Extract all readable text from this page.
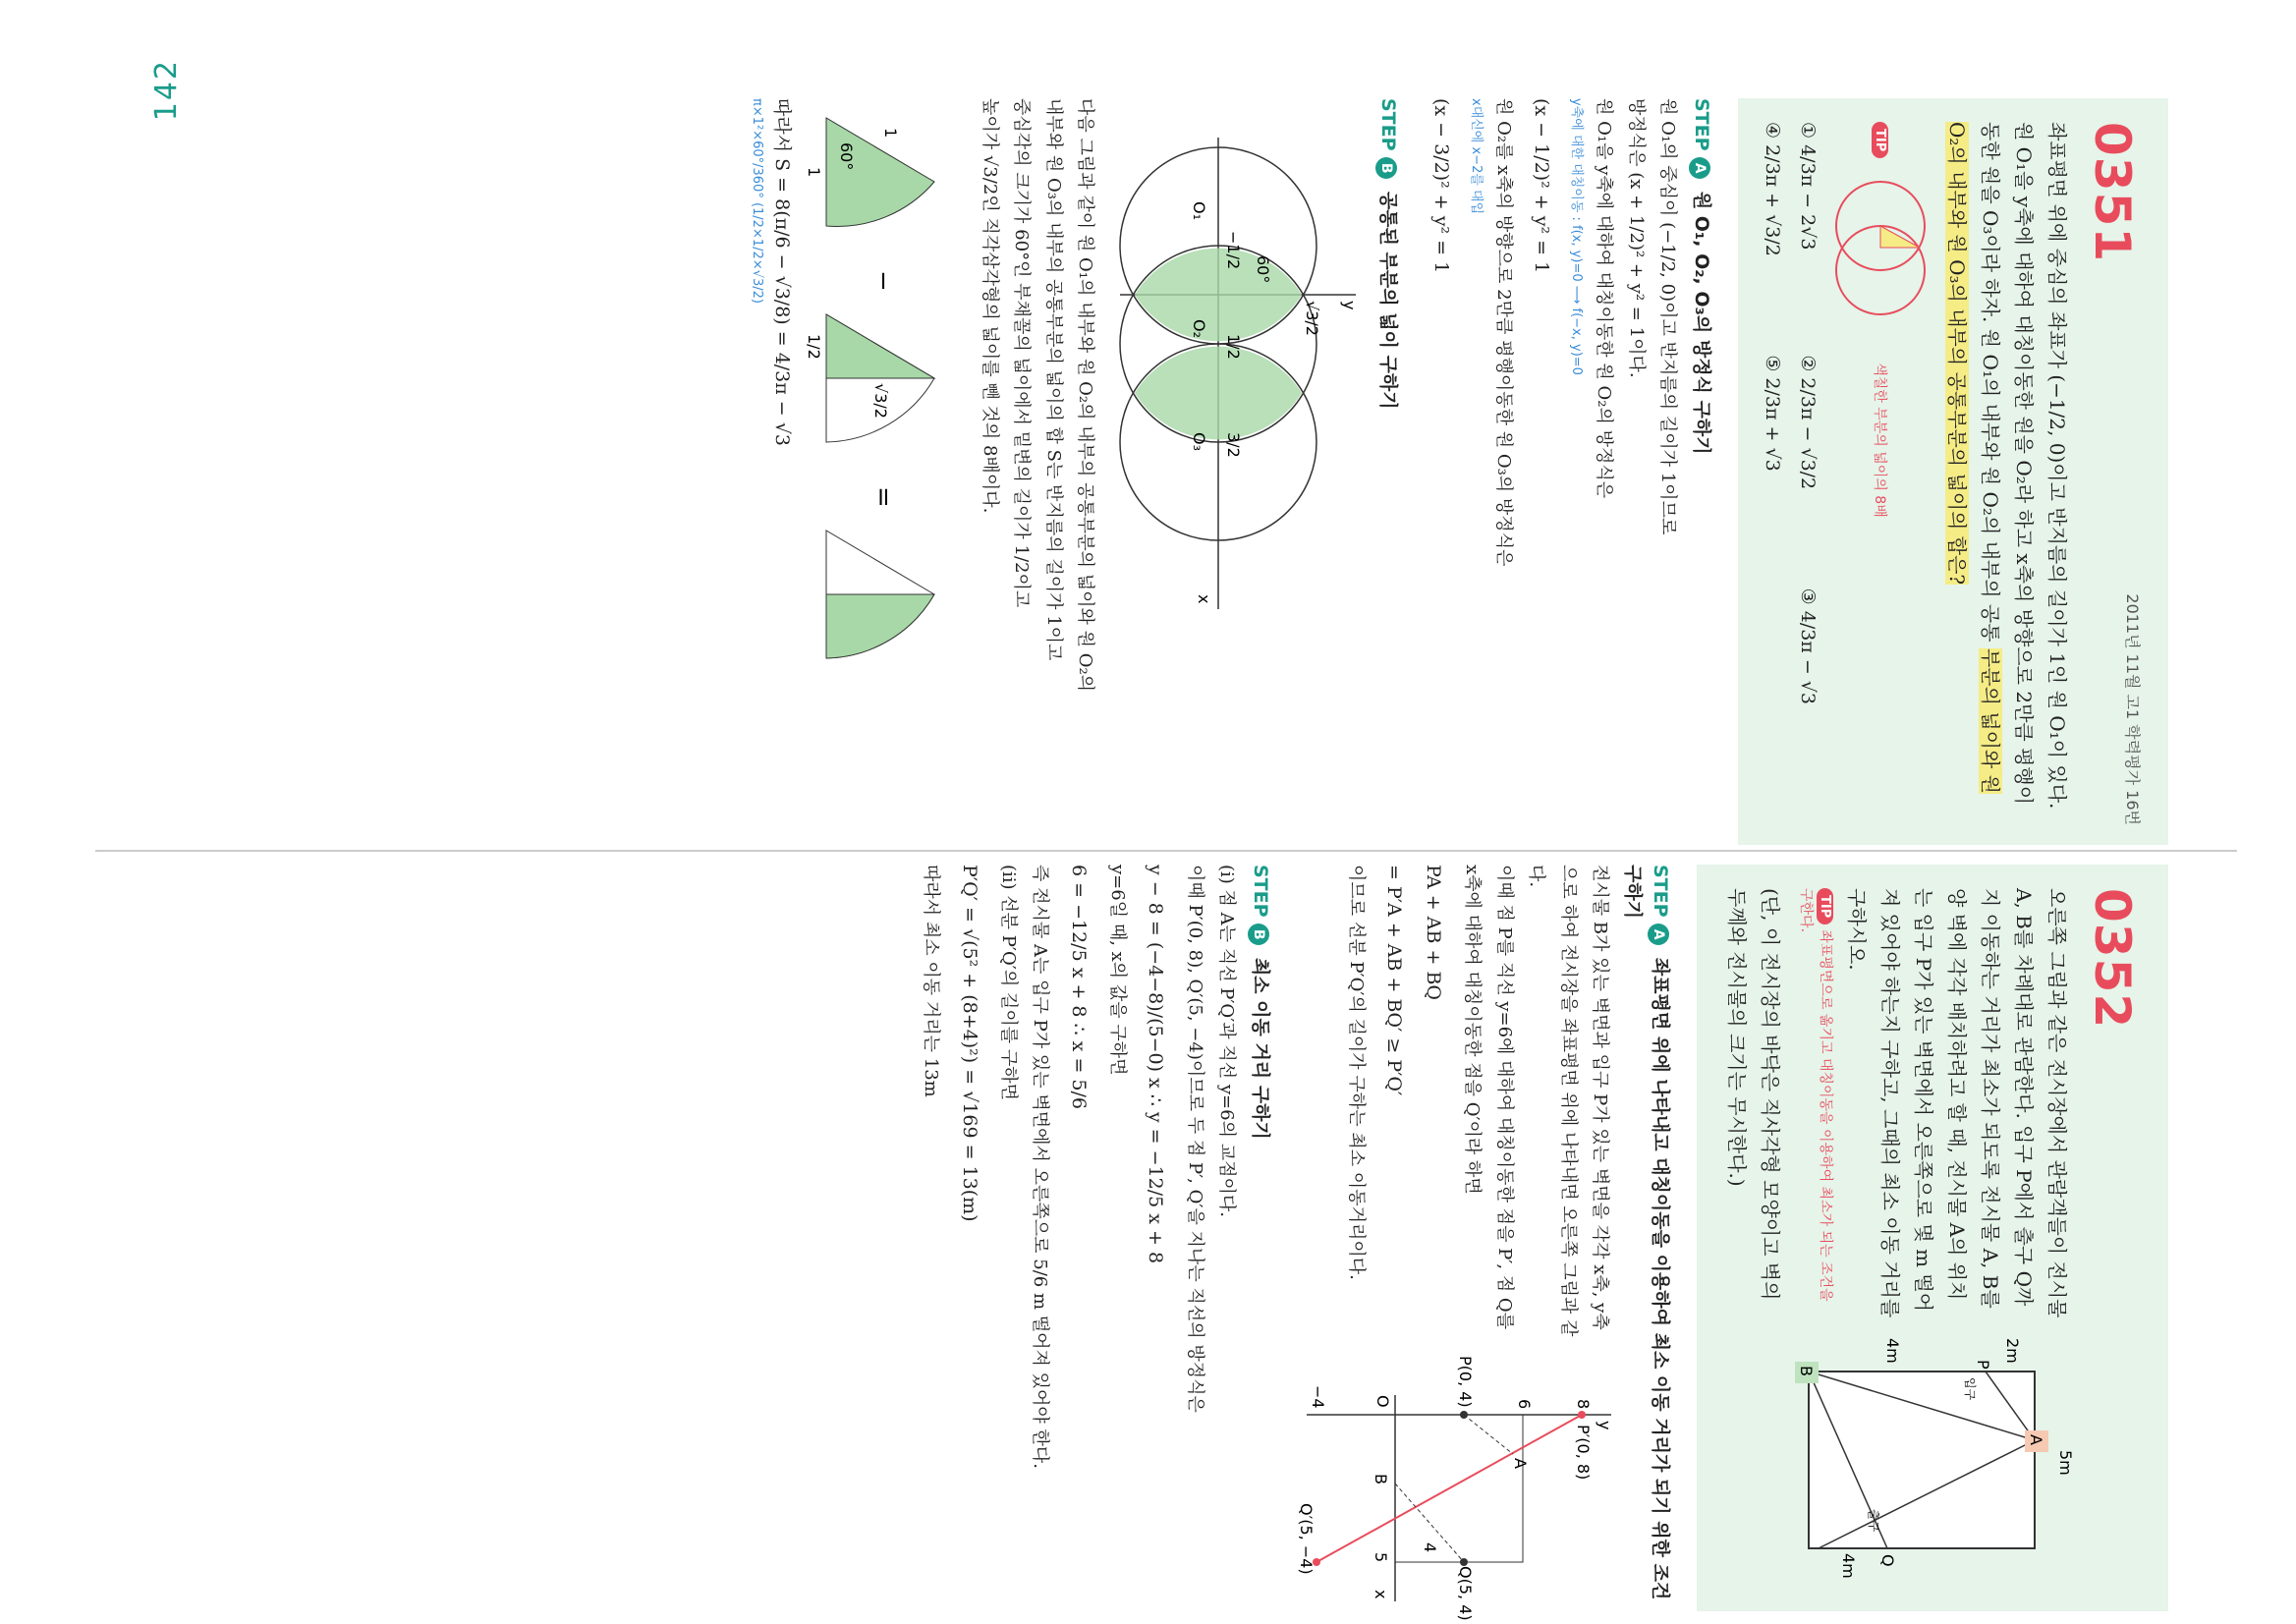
142
0351
2011년 11월 고1 학력평가 16번
좌표평면 위에 중심의 좌표가 (−1/2, 0)이고 반지름의 길이가 1인 원 O₁이 있다. 원 O₁을 y축에 대하여 대칭이동한 원을 O₂라 하고 x축의 방향으로 2만큼 평행이동한 원을 O₃이라 하자. 원 O₁의 내부와 원 O₂의 내부의 공통 부분의 넓이와 원 O₂의 내부와 원 O₃의 내부의 공통부분의 넓이의 합은?
TIP
색칠한 부분의 넓이의 8배
① 4/3π − 2√3
② 2/3π − √3/2
③ 4/3π − √3
④ 2/3π + √3/2
⑤ 2/3π + √3
STEP A 원 O₁, O₂, O₃의 방정식 구하기
원 O₁의 중심이 (−1/2, 0)이고 반지름의 길이가 1이므로
방정식은 (x + 1/2)² + y² = 1이다.
원 O₁을 y축에 대하여 대칭이동한 원 O₂의 방정식은
y축에 대한 대칭이동 : f(x, y)=0 ⟶ f(−x, y)=0
(x − 1/2)² + y² = 1
원 O₂를 x축의 방향으로 2만큼 평행이동한 원 O₃의 방정식은
x대신에 x−2를 대입
(x − 3/2)² + y² = 1
STEP B 공통된 부분의 넓이 구하기
y
x
√3/2
O₁
O₂
O₃
−1/2
1/2
3/2
60°
다음 그림과 같이 원 O₁의 내부와 원 O₂의 내부의 공통부분의 넓이와 원 O₂의
내부와 원 O₃의 내부의 공통부분의 넓이의 합 S는 반지름의 길이가 1이고
중심각의 크기가 60°인 부채꼴의 넓이에서 밑변의 길이가 1/2이고
높이가 √3/2인 직각삼각형의 넓이를 뺀 것의 8배이다.
1
1
60°
−
1/2
√3/2
=
따라서 S = 8(π/6 − √3/8) = 4/3π − √3
π×1²×60°/360° (1/2×1/2×√3/2)
0352
오른쪽 그림과 같은 전시장에서 관람객들이 전시물 A, B를 차례대로 관람한다. 입구 P에서 출구 Q까지 이동하는 거리가 최소가 되도록 전시물 A, B를 양 벽에 각각 배치하려고 할 때, 전시물 A의 위치는 입구 P가 있는 벽면에서 오른쪽으로 몇 m 떨어져 있어야 하는지 구하고, 그때의 최소 이동 거리를 구하시오.
TIP 좌표평면으로 옮기고 대칭이동을 이용하여 최소가 되는 조건을 구한다.
(단, 이 전시장의 바닥은 직사각형 모양이고 벽의 두께와 전시물의 크기는 무시한다.)
A
B
5m
2m
4m
4m
P
입구
Q
출구
STEP A 좌표평면 위에 나타내고 대칭이동을 이용하여 최소 이동 거리가 되기 위한 조건 구하기
전시물 B가 있는 벽면과 입구 P가 있는 벽면을 각각 x축, y축으로 하여 전시장을 좌표평면 위에 나타내면 오른쪽 그림과 같다.
이때 점 P를 직선 y=6에 대하여 대칭이동한 점을 P′, 점 Q를 x축에 대하여 대칭이동한 점을 Q′이라 하면
PA + AB + BQ
= P′A + AB + BQ′ ≥ P′Q′
이므로 선분 P′Q′의 길이가 구하는 최소 이동거리이다.
y
x
P′(0, 8)
P(0, 4)
A
B
O
Q(5, 4)
Q′(5, −4)
8
6
−4
5
4
STEP B 최소 이동 거리 구하기
(ⅰ) 점 A는 직선 P′Q′과 직선 y=6의 교점이다.
이때 P′(0, 8), Q′(5, −4)이므로 두 점 P′, Q′을 지나는 직선의 방정식은
y − 8 = (−4−8)/(5−0) x ∴ y = −12/5 x + 8
y=6일 때, x의 값을 구하면
6 = −12/5 x + 8 ∴ x = 5/6
즉 전시물 A는 입구 P가 있는 벽면에서 오른쪽으로 5/6 m 떨어져 있어야 한다.
(ⅱ) 선분 P′Q′의 길이를 구하면
P′Q′ = √(5² + (8+4)²) = √169 = 13(m)
따라서 최소 이동 거리는 13m
